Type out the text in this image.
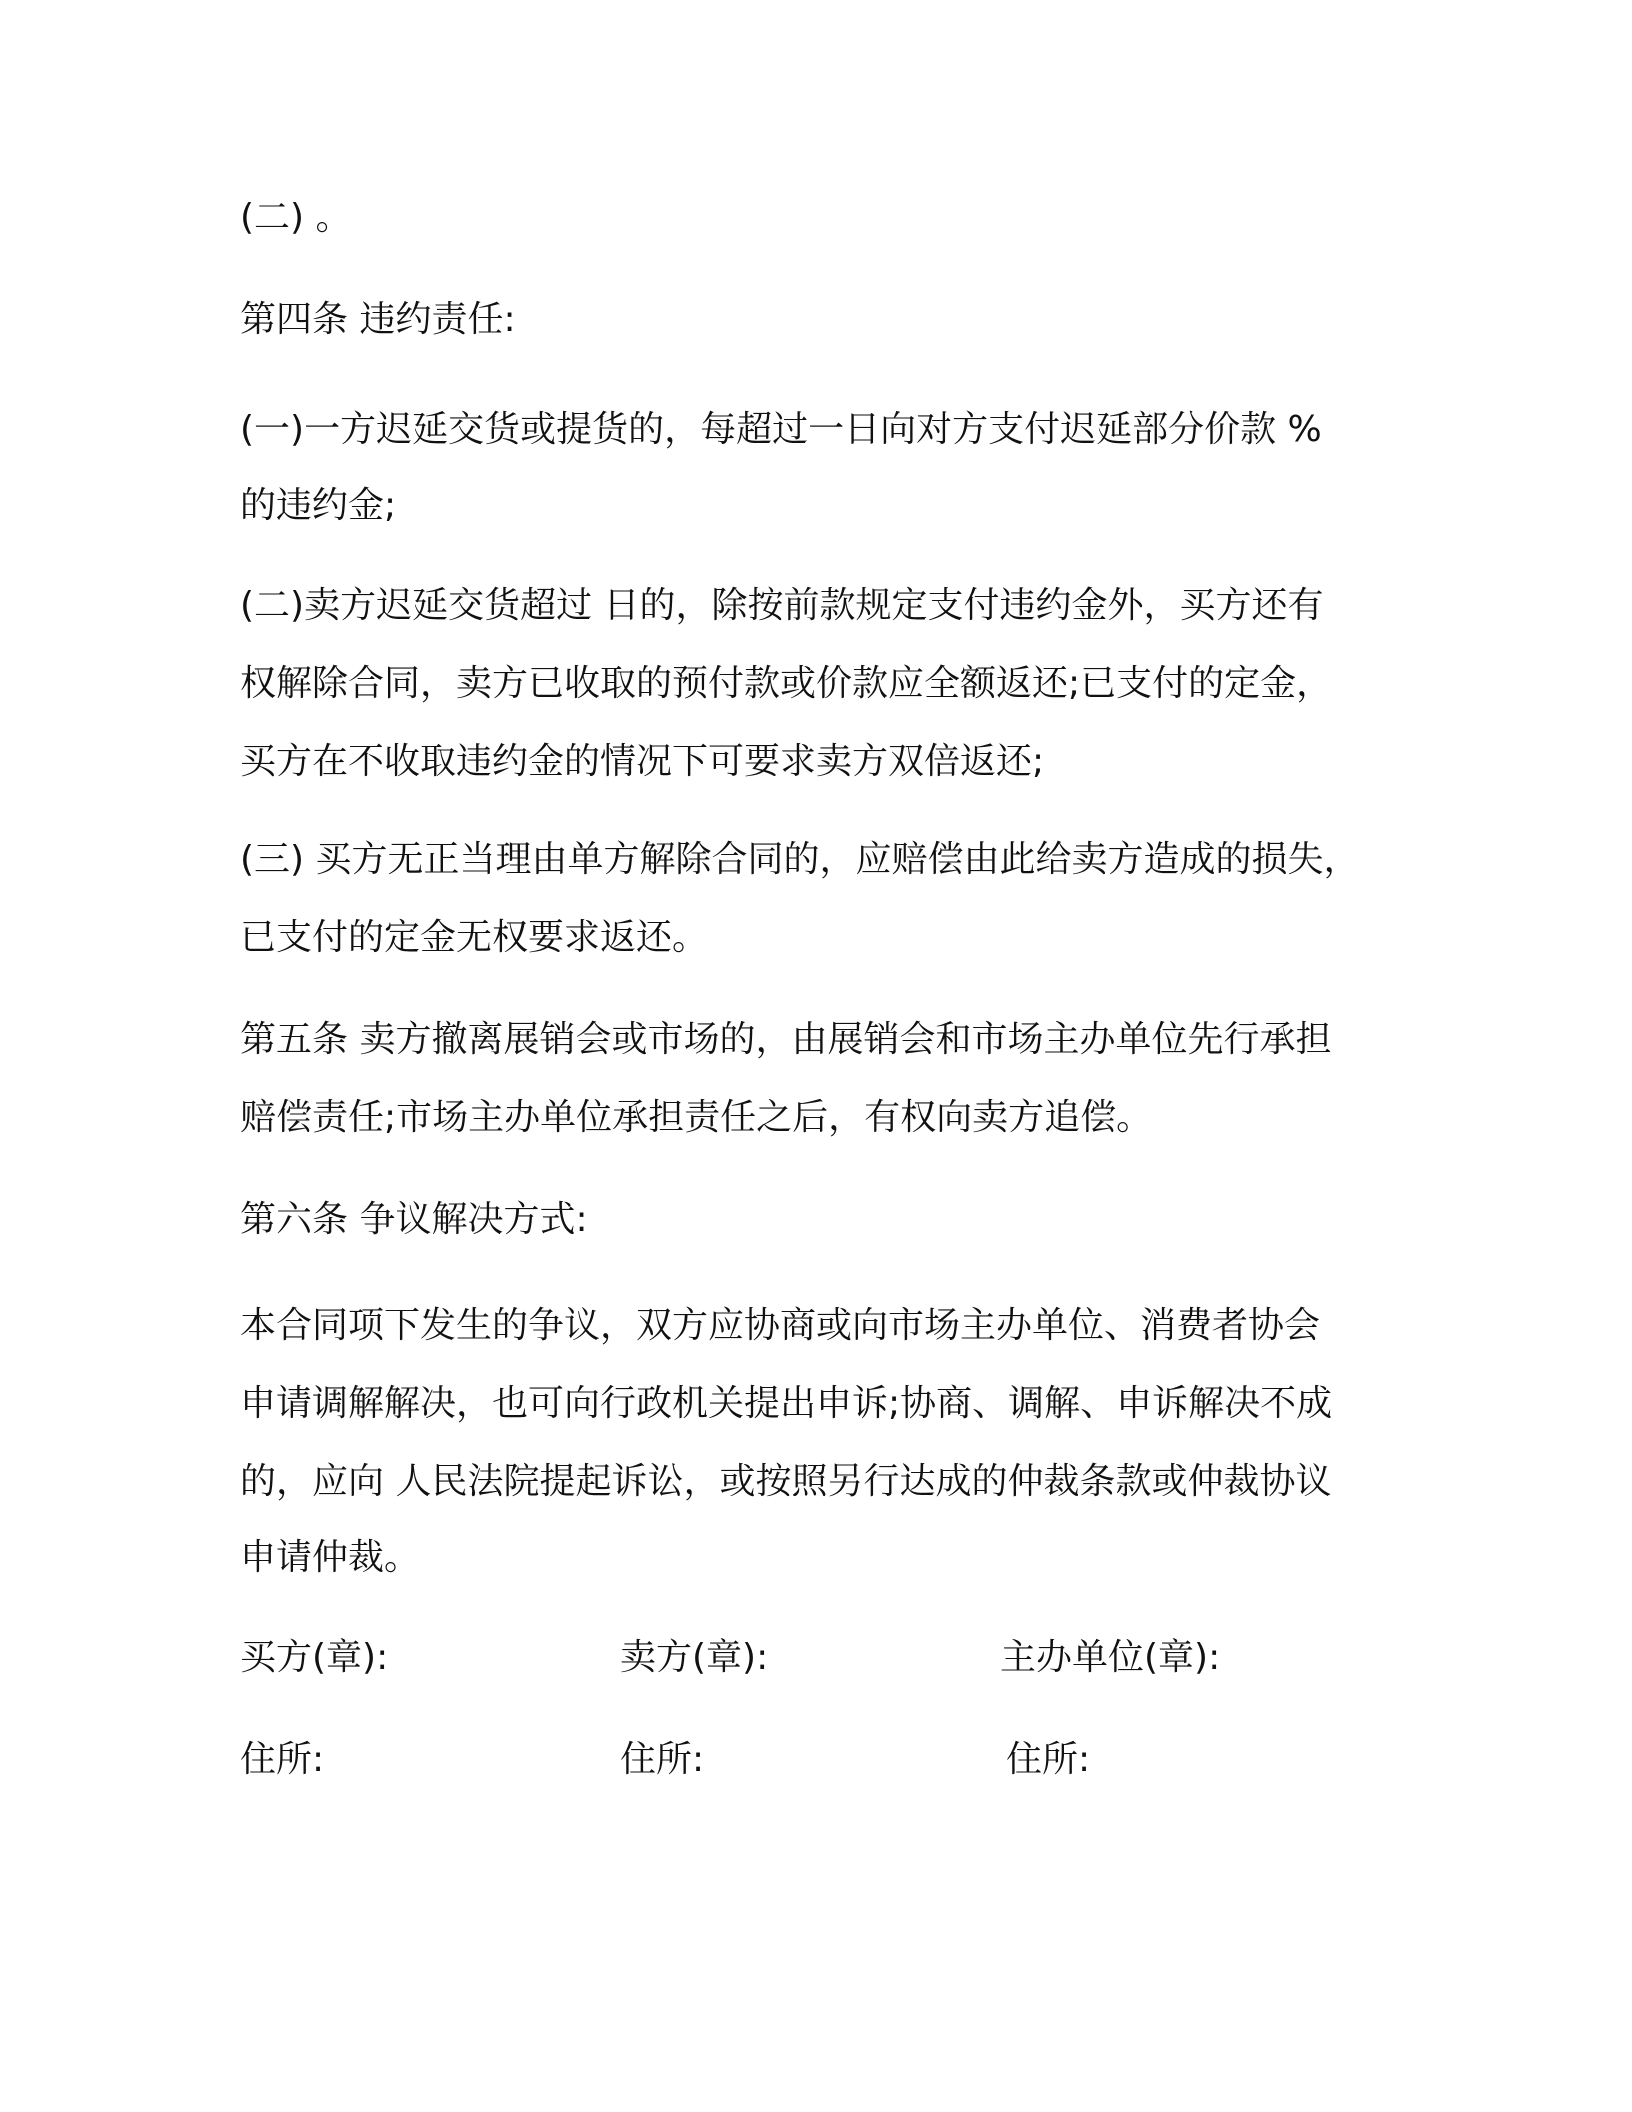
(二) 。
第四条 违约责任:
(一)一方迟延交货或提货的，每超过一日向对方支付迟延部分价款 %
的违约金;
(二)卖方迟延交货超过 日的，除按前款规定支付违约金外，买方还有
权解除合同，卖方已收取的预付款或价款应全额返还;已支付的定金，
买方在不收取违约金的情况下可要求卖方双倍返还;
(三) 买方无正当理由单方解除合同的，应赔偿由此给卖方造成的损失，
已支付的定金无权要求返还。
第五条 卖方撤离展销会或市场的，由展销会和市场主办单位先行承担
赔偿责任;市场主办单位承担责任之后，有权向卖方追偿。
第六条 争议解决方式:
本合同项下发生的争议，双方应协商或向市场主办单位、消费者协会
申请调解解决，也可向行政机关提出申诉;协商、调解、申诉解决不成
的，应向 人民法院提起诉讼，或按照另行达成的仲裁条款或仲裁协议
申请仲裁。
买方(章):	卖方(章):	主办单位(章):
住所:	住所:	住所:
